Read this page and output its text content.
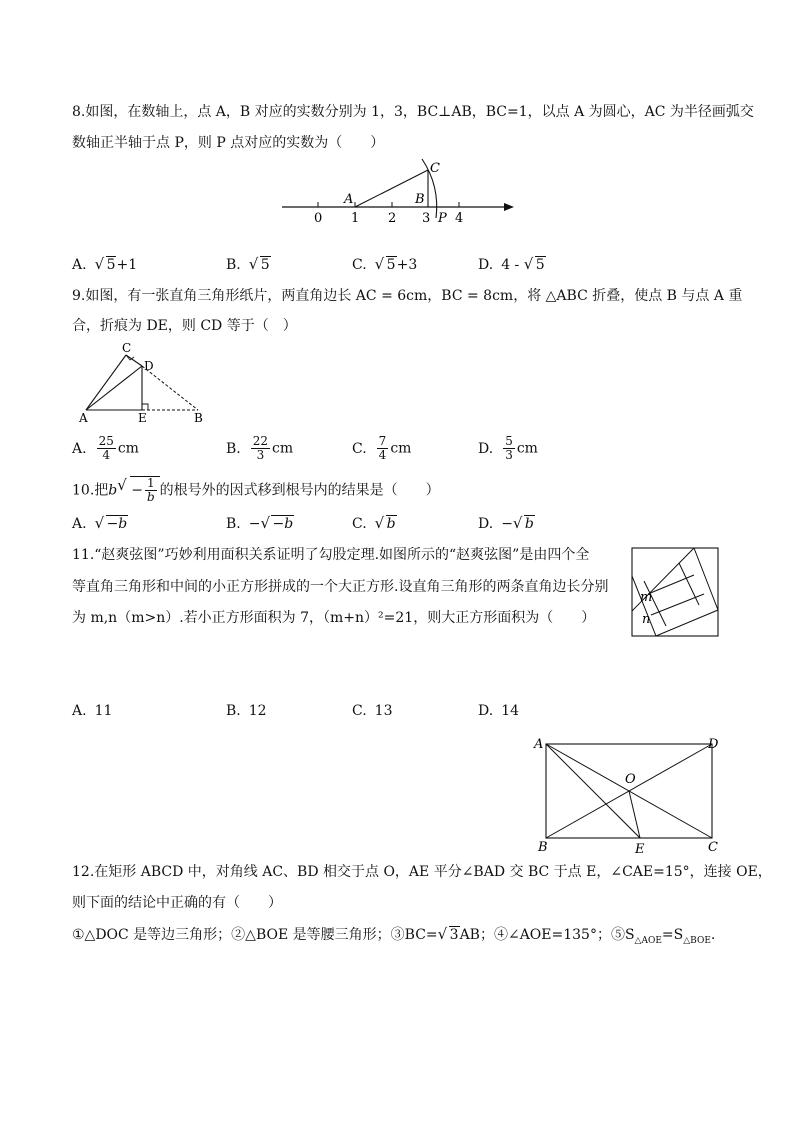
8.如图，在数轴上，点 A，B 对应的实数分别为 1，3，BC⊥AB，BC=1，以点 A 为圆心，AC 为半径画弧交
数轴正半轴于点 P，则 P 点对应的实数为（　　）
0 1 2 3 4
A	B
C
P
A.√ 5+1	B.√ 5	C.√ 5+3	D. 4 - √ 5
9.如图，有一张直角三角形纸片，两直角边长 AC = 6cm，BC = 8cm，将 △ABC 折叠，使点 B 与点 A 重
合，折痕为 DE，则 CD 等于（　）
A	B
C
D
E
A. $\frac{25}{4}$ cm	B. $\frac{22}{3}$ cm	C. $\frac{7}{4}$ cm	D. $\frac{5}{3}$ cm
10.把$b√ - \frac{1}{b}$ 的根号外的因式移到根号内的结果是（　　）
A.√ −b	B. −√ −b	C.√ b	D. −√ b
11.“赵爽弦图”巧妙利用面积关系证明了勾股定理.如图所示的“赵爽弦图”是由四个全
等直角三角形和中间的小正方形拼成的一个大正方形.设直角三角形的两条直角边长分别
为 m,n（m>n）.若小正方形面积为 7，（m+n）²=21，则大正方形面积为（　　）
m
n
A. 11	B. 12	C. 13	D. 14
A
B	C
D
O
E
12.在矩形 ABCD 中，对角线 AC、BD 相交于点 O，AE 平分∠BAD 交 BC 于点 E，∠CAE=15°，连接 OE，
则下面的结论中正确的有（　　）
①△DOC 是等边三角形；②△BOE 是等腰三角形；③BC=√ 3AB；④∠AOE=135°；$⑤S_{\triangle AOE}=S_{\triangle BOE}$.
